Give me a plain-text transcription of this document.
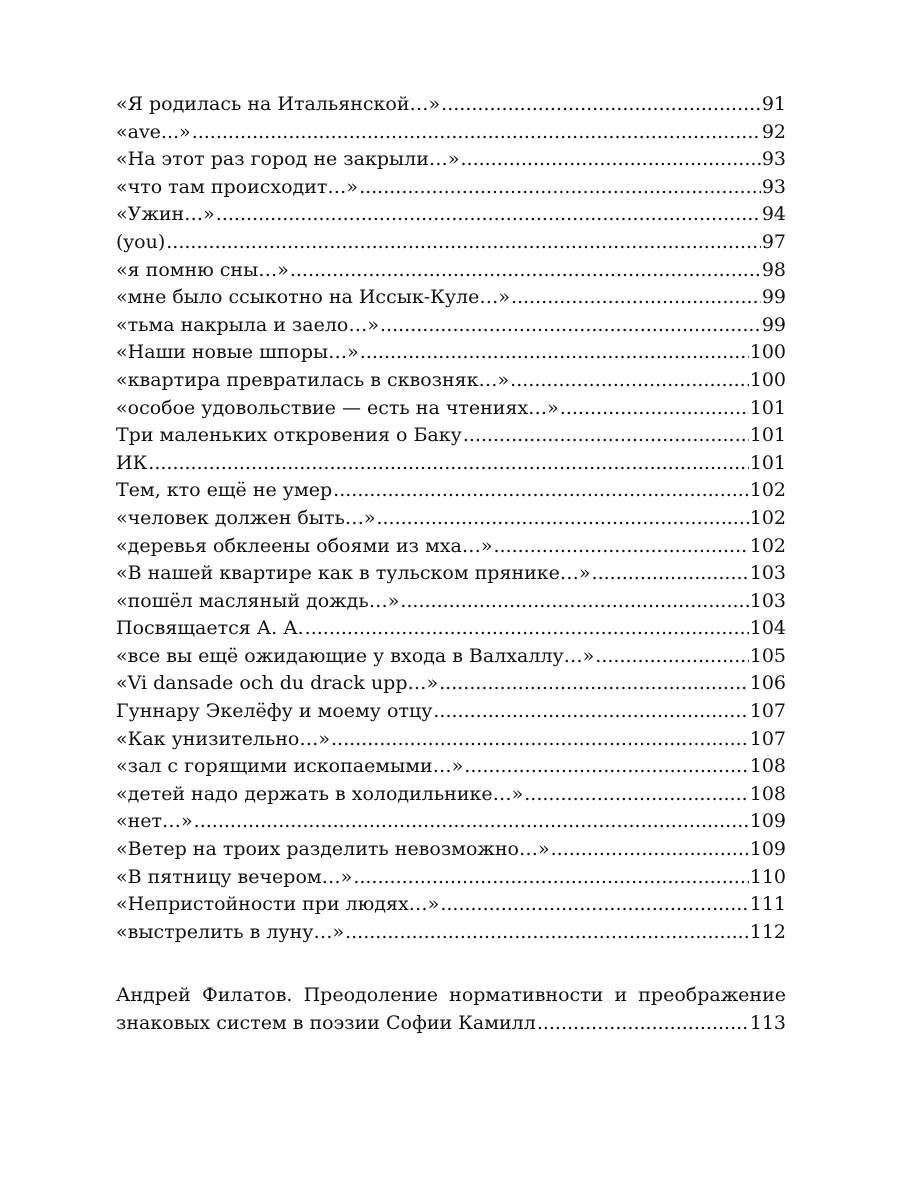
«Я родилась на Итальянской…» .....	91
«ave...» .....	92
«На этот раз город не закрыли…» .....	93
«что там происходит…» .....	93
«Ужин…» .....	94
(you) .....	97
«я помню сны…» .....	98
«мне было ссыкотно на Иссык-Куле…» .....	99
«тьма накрыла и заело…» .....	99
«Наши новые шпоры…» .....	100
«квартира превратилась в сквозняк…» .....	100
«особое удовольствие — есть на чтениях…» .....	101
Три маленьких откровения о Баку .....	101
ИК .....	101
Тем, кто ещё не умер .....	102
«человек должен быть…» .....	102
«деревья обклеены обоями из мха…» .....	102
«В нашей квартире как в тульском прянике…» .....	103
«пошёл масляный дождь…» .....	103
Посвящается А. А. .....	104
«все вы ещё ожидающие у входа в Валхаллу…» .....	105
«Vi dansade och du drack upp…» .....	106
Гуннару Экелёфу и моему отцу .....	107
«Как унизительно…» .....	107
«зал с горящими ископаемыми…» .....	108
«детей надо держать в холодильнике…» .....	108
«нет…» .....	109
«Ветер на троих разделить невозможно…» .....	109
«В пятницу вечером…» .....	110
«Непристойности при людях…» .....	111
«выстрелить в луну…» .....	112
Андрей Филатов. Преодоление нормативности и преображение
знаковых систем в поэзии Софии Камилл .....	113
